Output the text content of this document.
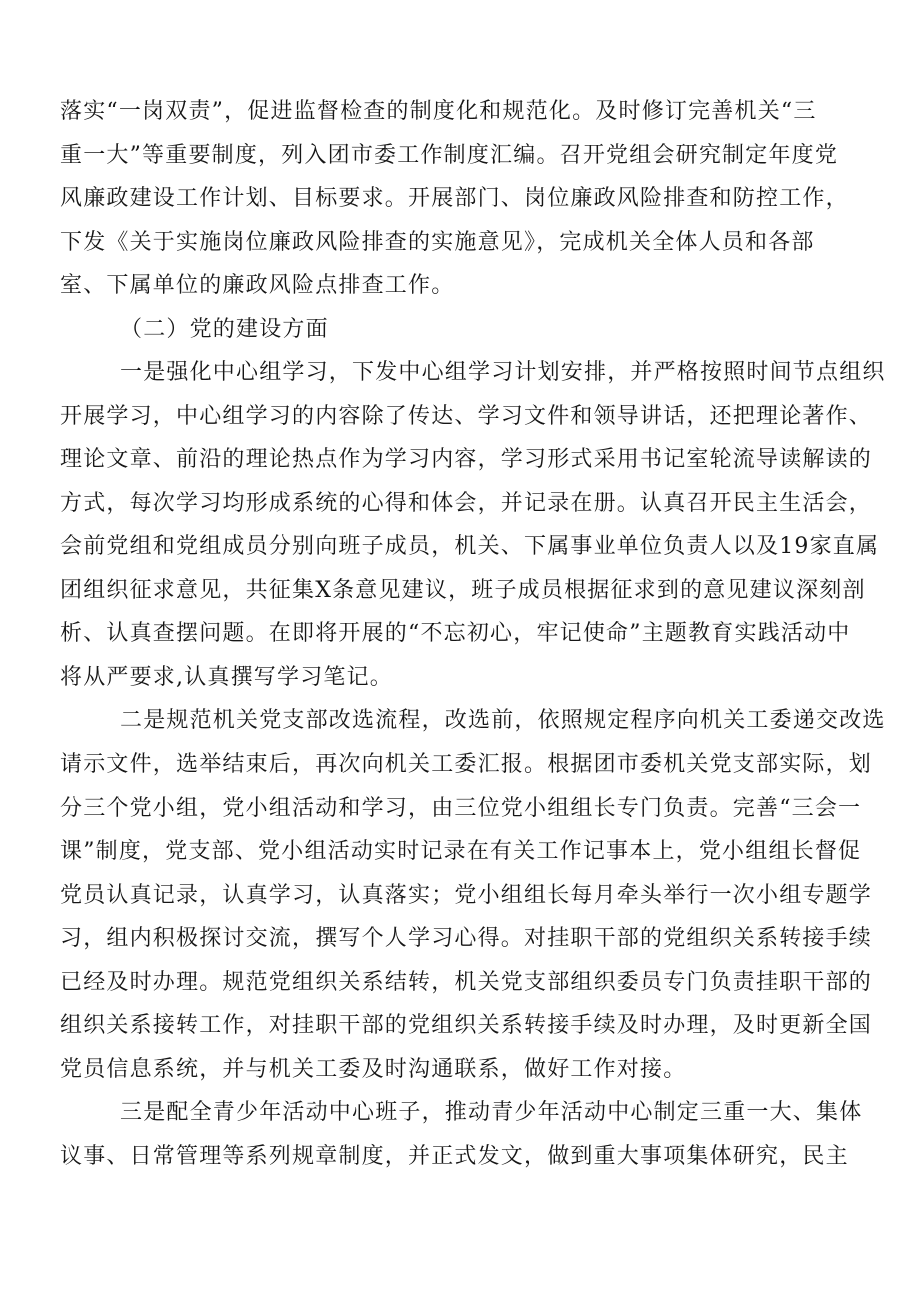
落实“一岗双责”，促进监督检查的制度化和规范化。及时修订完善机关“三
重一大”等重要制度，列入团市委工作制度汇编。召开党组会研究制定年度党
风廉政建设工作计划、目标要求。开展部门、岗位廉政风险排查和防控工作，
下发《关于实施岗位廉政风险排查的实施意见》，完成机关全体人员和各部
室、下属单位的廉政风险点排查工作。
（二）党的建设方面
一是强化中心组学习，下发中心组学习计划安排，并严格按照时间节点组织
开展学习，中心组学习的内容除了传达、学习文件和领导讲话，还把理论著作、
理论文章、前沿的理论热点作为学习内容，学习形式采用书记室轮流导读解读的
方式，每次学习均形成系统的心得和体会，并记录在册。认真召开民主生活会，
会前党组和党组成员分别向班子成员，机关、下属事业单位负责人以及19家直属
团组织征求意见，共征集X条意见建议，班子成员根据征求到的意见建议深刻剖
析、认真查摆问题。在即将开展的“不忘初心，牢记使命”主题教育实践活动中
将从严要求,认真撰写学习笔记。
二是规范机关党支部改选流程，改选前，依照规定程序向机关工委递交改选
请示文件，选举结束后，再次向机关工委汇报。根据团市委机关党支部实际，划
分三个党小组，党小组活动和学习，由三位党小组组长专门负责。完善“三会一
课”制度，党支部、党小组活动实时记录在有关工作记事本上，党小组组长督促
党员认真记录，认真学习，认真落实；党小组组长每月牵头举行一次小组专题学
习，组内积极探讨交流，撰写个人学习心得。对挂职干部的党组织关系转接手续
已经及时办理。规范党组织关系结转，机关党支部组织委员专门负责挂职干部的
组织关系接转工作，对挂职干部的党组织关系转接手续及时办理，及时更新全国
党员信息系统，并与机关工委及时沟通联系，做好工作对接。
三是配全青少年活动中心班子，推动青少年活动中心制定三重一大、集体
议事、日常管理等系列规章制度，并正式发文，做到重大事项集体研究，民主
